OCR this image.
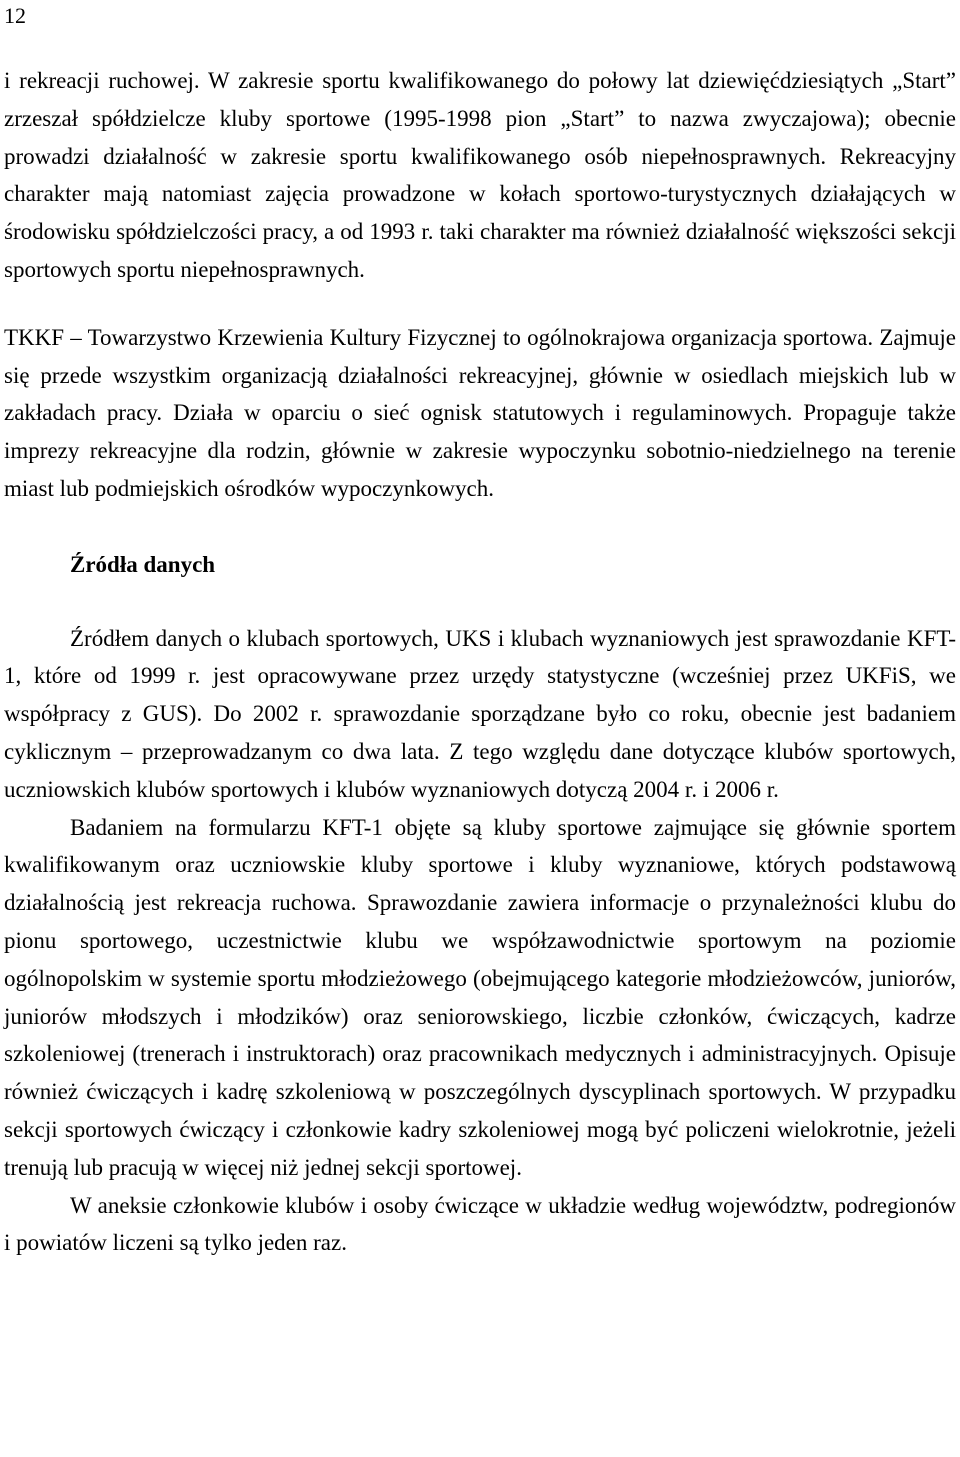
12

i rekreacji ruchowej. W zakresie sportu kwalifikowanego do połowy lat dziewięćdziesiątych „Start” zrzeszał spółdzielcze kluby sportowe (1995-1998 pion „Start” to nazwa zwyczajowa); obecnie prowadzi działalność w zakresie sportu kwalifikowanego osób niepełnosprawnych. Rekreacyjny charakter mają natomiast zajęcia prowadzone w kołach sportowo-turystycznych działających w środowisku spółdzielczości pracy, a od 1993 r. taki charakter ma również działalność większości sekcji sportowych sportu niepełnosprawnych.

TKKF – Towarzystwo Krzewienia Kultury Fizycznej to ogólnokrajowa organizacja sportowa. Zajmuje się przede wszystkim organizacją działalności rekreacyjnej, głównie w osiedlach miejskich lub w zakładach pracy. Działa w oparciu o sieć ognisk statutowych i regulaminowych. Propaguje także imprezy rekreacyjne dla rodzin, głównie w zakresie wypoczynku sobotnio-niedzielnego na terenie miast lub podmiejskich ośrodków wypoczynkowych.

Źródła danych

Źródłem danych o klubach sportowych, UKS i klubach wyznaniowych jest sprawozdanie KFT-1, które od 1999 r. jest opracowywane przez urzędy statystyczne (wcześniej przez UKFiS, we współpracy z GUS). Do 2002 r. sprawozdanie sporządzane było co roku, obecnie jest badaniem cyklicznym – przeprowadzanym co dwa lata. Z tego względu dane dotyczące klubów sportowych, uczniowskich klubów sportowych i klubów wyznaniowych dotyczą 2004 r. i 2006 r.

Badaniem na formularzu KFT-1 objęte są kluby sportowe zajmujące się głównie sportem kwalifikowanym oraz uczniowskie kluby sportowe i kluby wyznaniowe, których podstawową działalnością jest rekreacja ruchowa. Sprawozdanie zawiera informacje o przynależności klubu do pionu sportowego, uczestnictwie klubu we współzawodnictwie sportowym na poziomie ogólnopolskim w systemie sportu młodzieżowego (obejmującego kategorie młodzieżowców, juniorów, juniorów młodszych i młodzików) oraz seniorowskiego, liczbie członków, ćwiczących, kadrze szkoleniowej (trenerach i instruktorach) oraz pracownikach medycznych i administracyjnych. Opisuje również ćwiczących i kadrę szkoleniową w poszczególnych dyscyplinach sportowych. W przypadku sekcji sportowych ćwiczący i członkowie kadry szkoleniowej mogą być policzeni wielokrotnie, jeżeli trenują lub pracują w więcej niż jednej sekcji sportowej.

W aneksie członkowie klubów i osoby ćwiczące w układzie według województw, podregionów i powiatów liczeni są tylko jeden raz.
